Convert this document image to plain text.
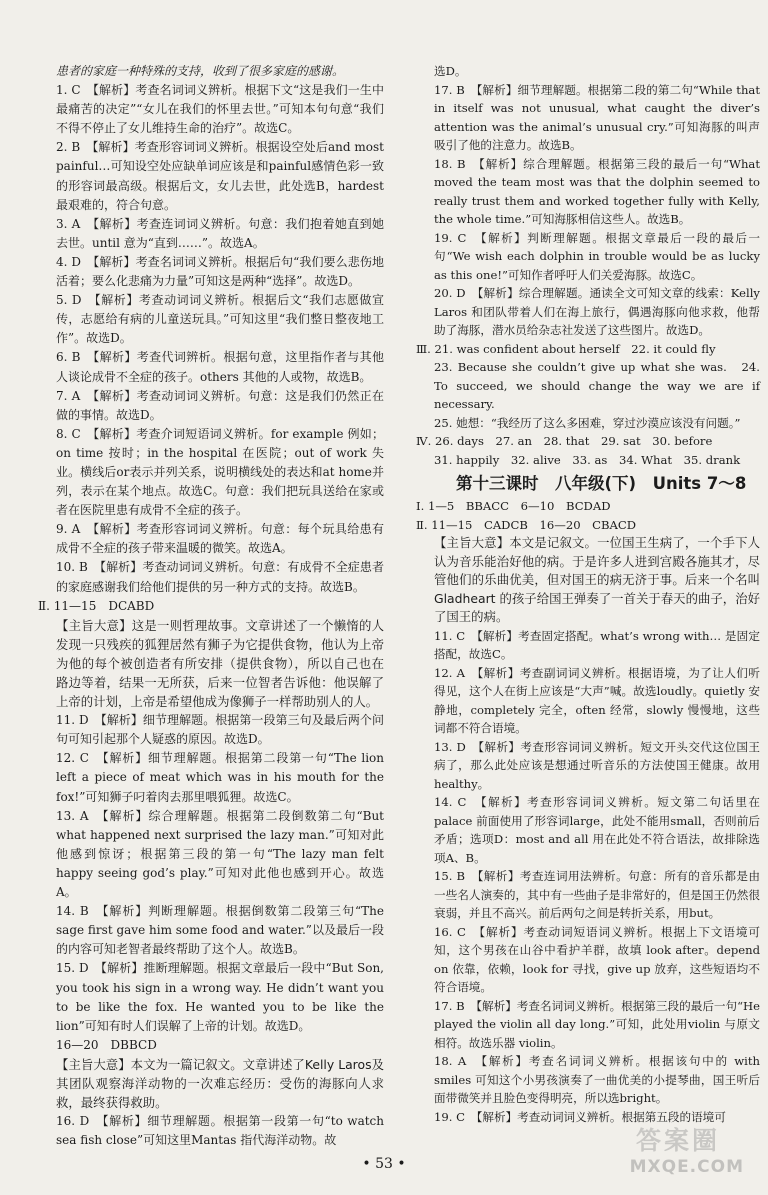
患者的家庭一种特殊的支持，收到了很多家庭的感谢。

1. C　【解析】考查名词词义辨析。根据下文“这是我们一生中最痛苦的决定”“女儿在我们的怀里去世。”可知本句句意“我们不得不停止了女儿维持生命的治疗”。故选C。

2. B　【解析】考查形容词词义辨析。根据设空处后and most painful…可知设空处应缺单词应该是和painful感情色彩一致的形容词最高级。根据后文，女儿去世，此处选B，hardest 最艰难的，符合句意。

3. A　【解析】考查连词词义辨析。句意：我们抱着她直到她去世。until 意为“直到……”。故选A。

4. D　【解析】考查名词词义辨析。根据后句“我们要么悲伤地活着；要么化悲痛为力量”可知这是两种“选择”。故选D。

5. D　【解析】考查动词词义辨析。根据后文“我们志愿做宣传，志愿给有病的儿童送玩具。”可知这里“我们整日整夜地工作”。故选D。

6. B　【解析】考查代词辨析。根据句意，这里指作者与其他人谈论成骨不全症的孩子。others 其他的人或物，故选B。

7. A　【解析】考查动词词义辨析。句意：这是我们仍然正在做的事情。故选D。

8. C　【解析】考查介词短语词义辨析。for example 例如；on time 按时；in the hospital 在医院；out of work 失业。横线后or表示并列关系，说明横线处的表达和at home并列，表示在某个地点。故选C。句意：我们把玩具送给在家或者在医院里患有成骨不全症的孩子。

9. A　【解析】考查形容词词义辨析。句意：每个玩具给患有成骨不全症的孩子带来温暖的微笑。故选A。

10. B　【解析】考查动词词义辨析。句意：有成骨不全症患者的家庭感谢我们给他们提供的另一种方式的支持。故选B。

Ⅱ. 11—15　DCABD

【主旨大意】这是一则哲理故事。文章讲述了一个懒惰的人发现一只残疾的狐狸居然有狮子为它提供食物，他认为上帝为他的每个被创造者有所安排（提供食物），所以自己也在路边等着，结果一无所获，后来一位智者告诉他：他误解了上帝的计划，上帝是希望他成为像狮子一样帮助别人的人。

11. D　【解析】细节理解题。根据第一段第三句及最后两个问句可知引起那个人疑惑的原因。故选D。

12. C　【解析】细节理解题。根据第二段第一句“The lion left a piece of meat which was in his mouth for the fox!”可知狮子叼着肉去那里喂狐狸。故选C。

13. A　【解析】综合理解题。根据第二段倒数第二句“But what happened next surprised the lazy man.”可知对此他感到惊讶；根据第三段的第一句“The lazy man felt happy seeing god’s play.”可知对此他也感到开心。故选A。

14. B　【解析】判断理解题。根据倒数第二段第三句“The sage first gave him some food and water.”以及最后一段的内容可知老智者最终帮助了这个人。故选B。

15. D　【解析】推断理解题。根据文章最后一段中“But Son, you took his sign in a wrong way. He didn’t want you to be like the fox. He wanted you to be like the lion”可知有时人们误解了上帝的计划。故选D。

16—20　DBBCD

【主旨大意】本文为一篇记叙文。文章讲述了Kelly Laros及其团队观察海洋动物的一次难忘经历：受伤的海豚向人求救，最终获得救助。

16. D　【解析】细节理解题。根据第一段第一句“to watch sea fish close”可知这里Mantas 指代海洋动物。故

选D。

17. B　【解析】细节理解题。根据第二段的第二句“While that in itself was not unusual, what caught the diver’s attention was the animal’s unusual cry.”可知海豚的叫声吸引了他的注意力。故选B。

18. B　【解析】综合理解题。根据第三段的最后一句“What moved the team most was that the dolphin seemed to really trust them and worked together fully with Kelly, the whole time.”可知海豚相信这些人。故选B。

19. C　【解析】判断理解题。根据文章最后一段的最后一句“We wish each dolphin in trouble would be as lucky as this one!”可知作者呼吁人们关爱海豚。故选C。

20. D　【解析】综合理解题。通读全文可知文章的线索：Kelly Laros 和团队带着人们在海上旅行，偶遇海豚向他求救，他帮助了海豚，潜水员给杂志社发送了这些图片。故选D。

Ⅲ. 21. was confident about herself　22. it could fly

23. Because she couldn’t give up what she was.　24. To succeed, we should change the way we are if necessary.

25. 她想：“我经历了这么多困难，穿过沙漠应该没有问题。”

Ⅳ. 26. days　27. an　28. that　29. sat　30. before

31. happily　32. alive　33. as　34. What　35. drank

第十三课时　八年级(下)　Units 7～8

Ⅰ. 1—5　BBACC　6—10　BCDAD

Ⅱ. 11—15　CADCB　16—20　CBACD

【主旨大意】本文是记叙文。一位国王生病了，一个手下人认为音乐能治好他的病。于是许多人进到宫殿各施其才，尽管他们的乐曲优美，但对国王的病无济于事。后来一个名叫 Gladheart 的孩子给国王弹奏了一首关于春天的曲子，治好了国王的病。

11. C　【解析】考查固定搭配。what’s wrong with… 是固定搭配，故选C。

12. A　【解析】考查副词词义辨析。根据语境，为了让人们听得见，这个人在街上应该是“大声”喊。故选loudly。quietly 安静地，completely 完全，often 经常，slowly 慢慢地，这些词都不符合语境。

13. D　【解析】考查形容词词义辨析。短文开头交代这位国王病了，那么此处应该是想通过听音乐的方法使国王健康。故用healthy。

14. C　【解析】考查形容词词义辨析。短文第二句话里在palace 前面使用了形容词large，此处不能用small，否则前后矛盾；选项D：most and all 用在此处不符合语法，故排除选项A、B。

15. B　【解析】考查连词用法辨析。句意：所有的音乐都是由一些名人演奏的，其中有一些曲子是非常好的，但是国王仍然很衰弱，并且不高兴。前后两句之间是转折关系，用but。

16. C　【解析】考查动词短语词义辨析。根据上下文语境可知，这个男孩在山谷中看护羊群，故填 look after。depend on 依靠，依赖，look for 寻找，give up 放弃，这些短语均不符合语境。

17. B　【解析】考查名词词义辨析。根据第三段的最后一句“He played the violin all day long.”可知，此处用violin 与原文相符。故选乐器 violin。

18. A　【解析】考查名词词义辨析。根据该句中的 with smiles 可知这个小男孩演奏了一曲优美的小提琴曲，国王听后面带微笑并且脸色变得明亮，所以选bright。

19. C　【解析】考查动词词义辨析。根据第五段的语境可

• 53 •
答案圈
MXQE.COM
